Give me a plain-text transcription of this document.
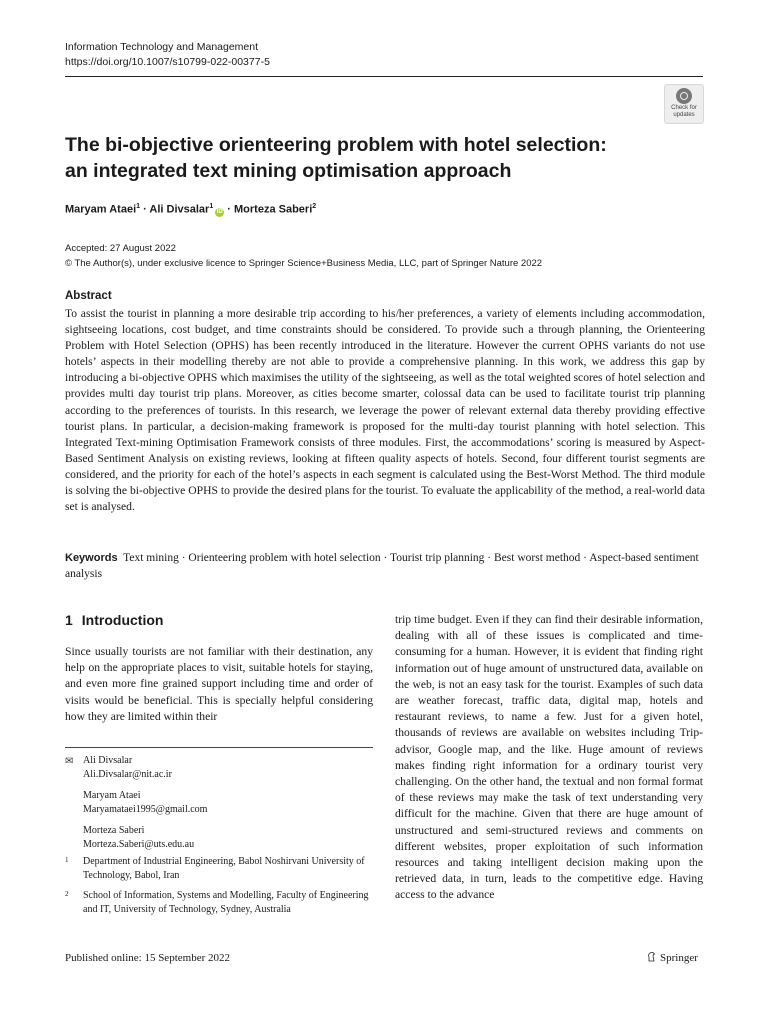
Information Technology and Management
https://doi.org/10.1007/s10799-022-00377-5
Check for
updates
The bi-objective orienteering problem with hotel selection:
an integrated text mining optimisation approach
Maryam Ataei$^1$ · Ali Divsalar$^1$iD · Morteza Saberi$^2$
Accepted: 27 August 2022
© The Author(s), under exclusive licence to Springer Science+Business Media, LLC, part of Springer Nature 2022
Abstract
To assist the tourist in planning a more desirable trip according to his/her preferences, a variety of elements including accommodation, sightseeing locations, cost budget, and time constraints should be considered. To provide such a through planning, the Orienteering Problem with Hotel Selection (OPHS) has been recently introduced in the literature. However the current OPHS variants do not use hotels’ aspects in their modelling thereby are not able to provide a comprehensive planning. In this work, we address this gap by introducing a bi-objective OPHS which maximises the utility of the sightseeing, as well as the total weighted scores of hotel selection and provides multi day tourist trip plans. Moreover, as cities become smarter, colossal data can be used to facilitate tourist trip planning according to the preferences of tourists. In this research, we leverage the power of relevant external data thereby providing effective tourist plans. In particular, a decision-making framework is proposed for the multi-day tourist planning with hotel selection. This Integrated Text-mining Optimisation Framework consists of three modules. First, the accommodations’ scoring is measured by Aspect-Based Sentiment Analysis on existing reviews, looking at fifteen quality aspects of hotels. Second, four different tourist segments are considered, and the priority for each of the hotel’s aspects in each segment is calculated using the Best-Worst Method. The third module is solving the bi-objective OPHS to provide the desired plans for the tourist. To evaluate the applicability of the method, a real-world data set is analysed.
Keywords Text mining · Orienteering problem with hotel selection · Tourist trip planning · Best worst method · Aspect-based sentiment analysis
1 Introduction

Since usually tourists are not familiar with their destination, any help on the appropriate places to visit, suitable hotels for staying, and even more fine grained support including time and order of visits would be beneficial. This is specially helpful considering how they are limited within their

✉ Ali Divsalar
Ali.Divsalar@nit.ac.ir
Maryam Ataei
Maryamataei1995@gmail.com
Morteza Saberi
Morteza.Saberi@uts.edu.au
1 Department of Industrial Engineering, Babol Noshirvani University of Technology, Babol, Iran
2 School of Information, Systems and Modelling, Faculty of Engineering and IT, University of Technology, Sydney, Australia

trip time budget. Even if they can find their desirable information, dealing with all of these issues is complicated and time-consuming for a human. However, it is evident that finding right information out of huge amount of unstructured data, available on the web, is not an easy task for the tourist. Examples of such data are weather forecast, traffic data, digital map, hotels and restaurant reviews, to name a few. Just for a given hotel, thousands of reviews are available on websites including Trip-advisor, Google map, and the like. Huge amount of reviews makes finding right information for a ordinary tourist very challenging. On the other hand, the textual and non formal format of these reviews may make the task of text understanding very difficult for the machine. Given that there are huge amount of unstructured and semi-structured reviews and comments on different websites, proper exploitation of such information resources and taking intelligent decision making upon the retrieved data, in turn, leads to the competitive edge. Having access to the advance

Published online: 15 September 2022	Springer
